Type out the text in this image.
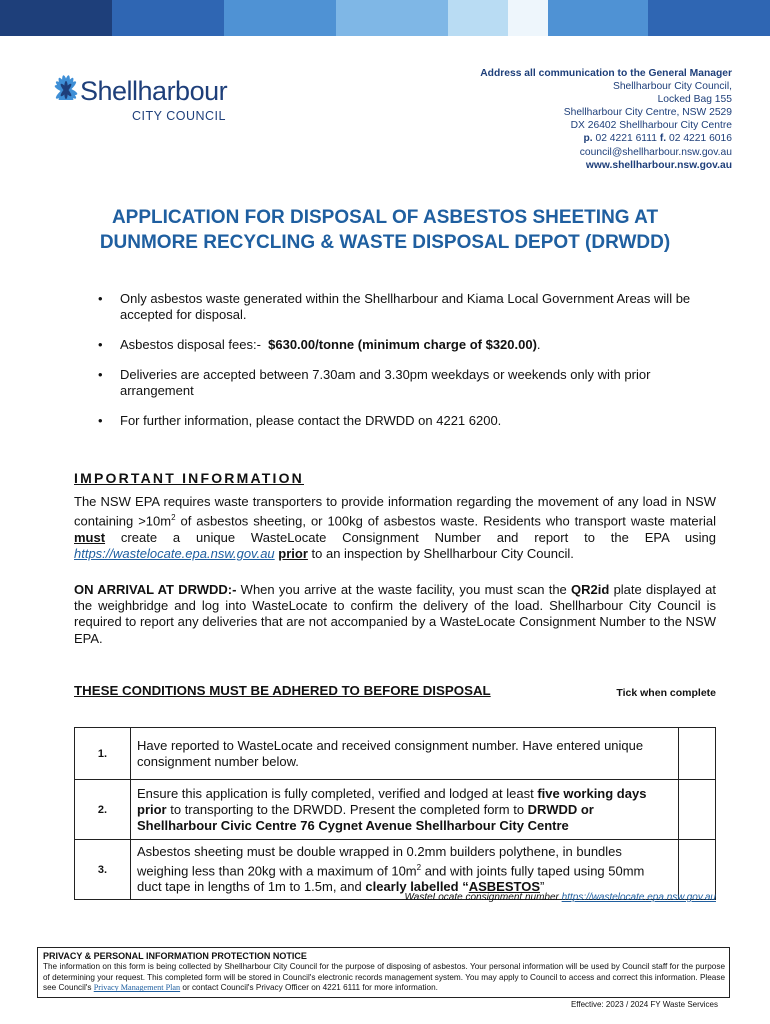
Shellharbour
CITY COUNCIL
Address all communication to the General Manager
Shellharbour City Council,
Locked Bag 155
Shellharbour City Centre, NSW 2529
DX 26402 Shellharbour City Centre
p. 02 4221 6111 f. 02 4221 6016
council@shellharbour.nsw.gov.au
www.shellharbour.nsw.gov.au
APPLICATION FOR DISPOSAL OF ASBESTOS SHEETING AT
DUNMORE RECYCLING & WASTE DISPOSAL DEPOT (DRWDD)
• Only asbestos waste generated within the Shellharbour and Kiama Local Government Areas will be accepted for disposal.
• Asbestos disposal fees:- $630.00/tonne (minimum charge of $320.00).
• Deliveries are accepted between 7.30am and 3.30pm weekdays or weekends only with prior arrangement
• For further information, please contact the DRWDD on 4221 6200.
IMPORTANT INFORMATION
The NSW EPA requires waste transporters to provide information regarding the movement of any load in NSW containing $>10m^2$ of asbestos sheeting, or 100kg of asbestos waste. Residents who transport waste material must create a unique WasteLocate Consignment Number and report to the EPA using https://wastelocate.epa.nsw.gov.au prior to an inspection by Shellharbour City Council.
ON ARRIVAL AT DRWDD:- When you arrive at the waste facility, you must scan the QR2id plate displayed at the weighbridge and log into WasteLocate to confirm the delivery of the load. Shellharbour City Council is required to report any deliveries that are not accompanied by a WasteLocate Consignment Number to the NSW EPA.
THESE CONDITIONS MUST BE ADHERED TO BEFORE DISPOSAL	Tick when complete
1.	Have reported to WasteLocate and received consignment number. Have entered unique consignment number below.	
2.	Ensure this application is fully completed, verified and lodged at least five working days prior to transporting to the DRWDD. Present the completed form to DRWDD or Shellharbour Civic Centre 76 Cygnet Avenue Shellharbour City Centre	
3.	Asbestos sheeting must be double wrapped in 0.2mm builders polythene, in bundles weighing less than 20kg with a maximum of $10m^2$ and with joints fully taped using 50mm duct tape in lengths of 1m to 1.5m, and clearly labelled “ASBESTOS”	
WasteLocate consignment number https://wastelocate.epa.nsw.gov.au
PRIVACY & PERSONAL INFORMATION PROTECTION NOTICE
The information on this form is being collected by Shellharbour City Council for the purpose of disposing of asbestos. Your personal information will be used by Council staff for the purpose of determining your request. This completed form will be stored in Council's electronic records management system. You may apply to Council to access and correct this information. Please see Council's Privacy Management Plan or contact Council's Privacy Officer on 4221 6111 for more information.
Effective: 2023 / 2024 FY Waste Services
